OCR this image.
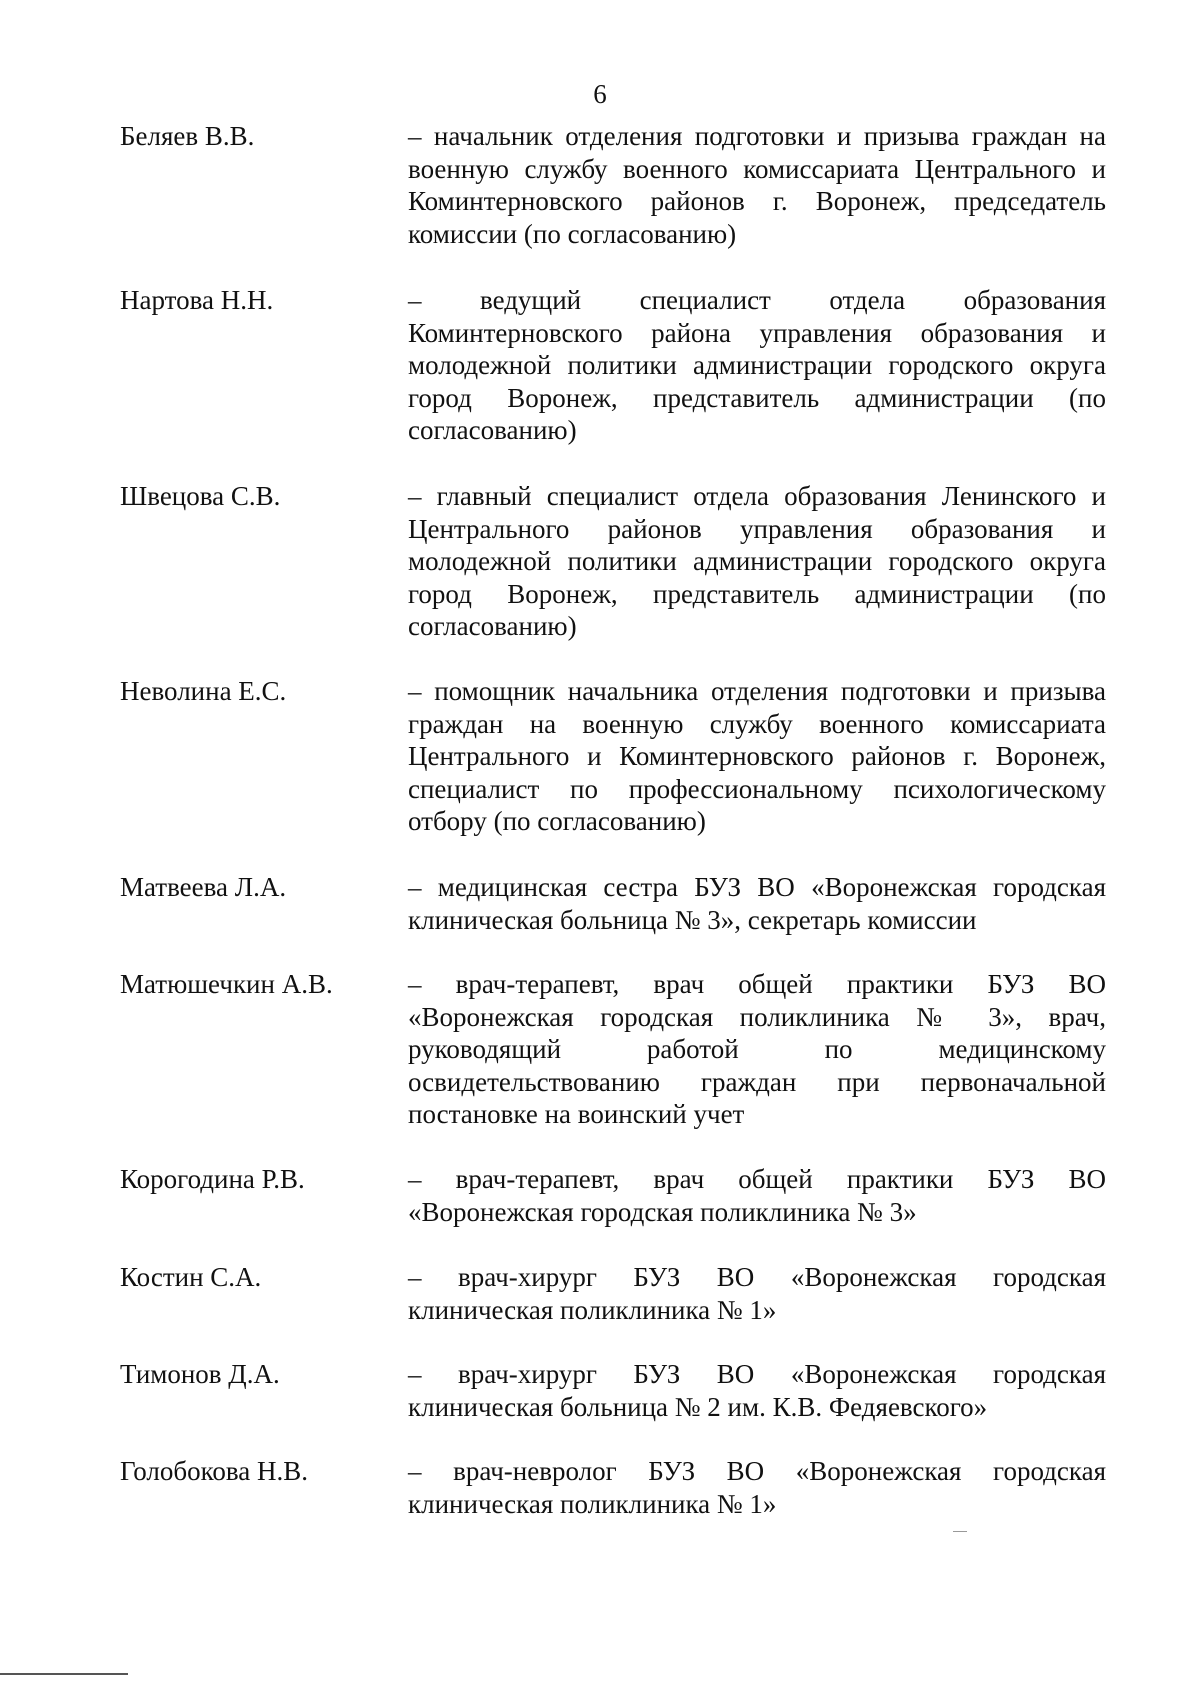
6
Беляев В.В.	– начальник отделения подготовки и призыва граждан на военную службу военного комиссариата Центрального и Коминтерновского районов г. Воронеж, председатель комиссии (по согласованию)
Нартова Н.Н.	– ведущий специалист отдела образования Коминтерновского района управления образования и молодежной политики администрации городского округа город Воронеж, представитель администрации (по согласованию)
Швецова С.В.	– главный специалист отдела образования Ленинского и Центрального районов управления образования и молодежной политики администрации городского округа город Воронеж, представитель администрации (по согласованию)
Неволина Е.С.	– помощник начальника отделения подготовки и призыва граждан на военную службу военного комиссариата Центрального и Коминтерновского районов г. Воронеж, специалист по профессиональному психологическому отбору (по согласованию)
Матвеева Л.А.	– медицинская сестра БУЗ ВО «Воронежская городская клиническая больница № 3», секретарь комиссии
Матюшечкин А.В.	– врач-терапевт, врач общей практики БУЗ ВО «Воронежская городская поликлиника № 3», врач, руководящий работой по медицинскому освидетельствованию граждан при первоначальной постановке на воинский учет
Корогодина Р.В.	– врач-терапевт, врач общей практики БУЗ ВО «Воронежская городская поликлиника № 3»
Костин С.А.	– врач-хирург БУЗ ВО «Воронежская городская клиническая поликлиника № 1»
Тимонов Д.А.	– врач-хирург БУЗ ВО «Воронежская городская клиническая больница № 2 им. К.В. Федяевского»
Голобокова Н.В.	– врач-невролог БУЗ ВО «Воронежская городская клиническая поликлиника № 1»
